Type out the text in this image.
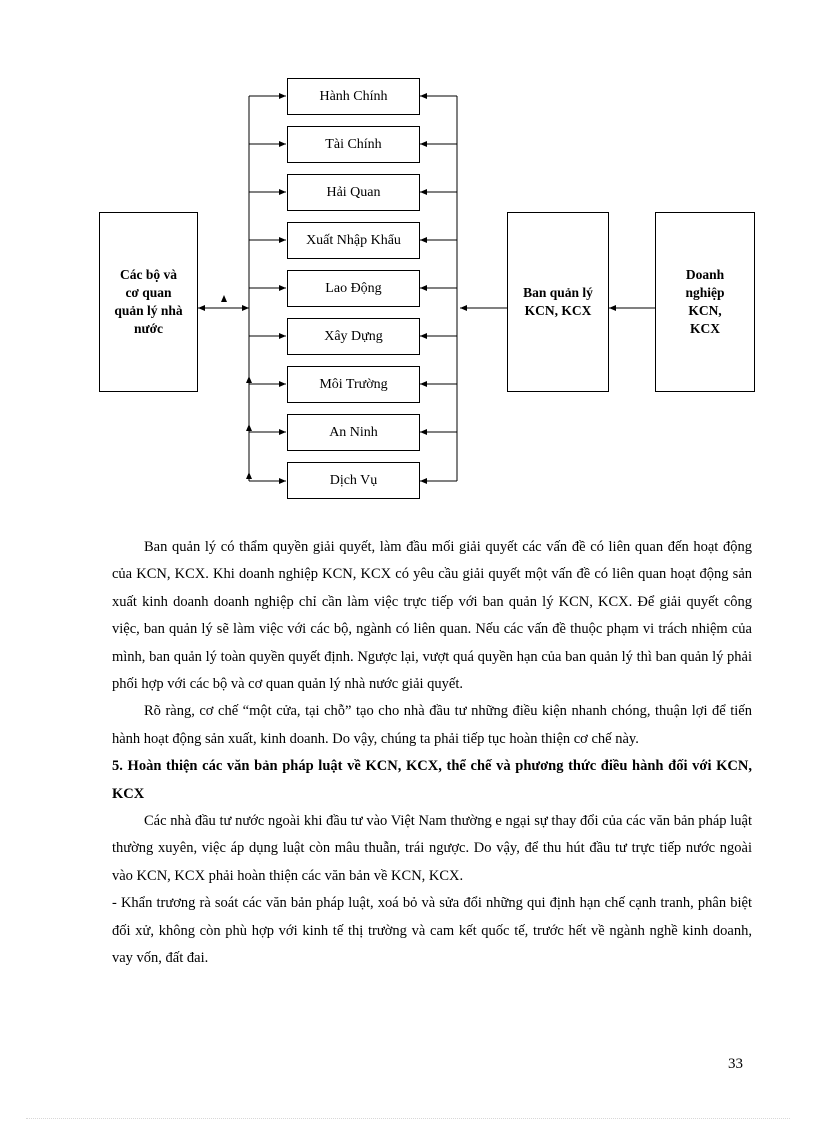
Các bộ và cơ quan quản lý nhà nước
Hành Chính
Tài Chính
Hải Quan
Xuất Nhập Khẩu
Lao Động
Xây Dựng
Môi Trường
An Ninh
Dịch Vụ
Ban quản lý KCN, KCX
Doanh nghiệp KCN, KCX

Ban quản lý có thẩm quyền giải quyết, làm đầu mối giải quyết các vấn đề có liên quan đến hoạt động của KCN, KCX. Khi doanh nghiệp KCN, KCX có yêu cầu giải quyết một vấn đề có liên quan hoạt động sản xuất kinh doanh doanh nghiệp chỉ cần làm việc trực tiếp với ban quản lý KCN, KCX. Để giải quyết công việc, ban quản lý sẽ làm việc với các bộ, ngành có liên quan. Nếu các vấn đề thuộc phạm vi trách nhiệm của mình, ban quản lý toàn quyền quyết định. Ngược lại, vượt quá quyền hạn của ban quản lý thì ban quản lý phải phối hợp với các bộ và cơ quan quản lý nhà nước giải quyết.

Rõ ràng, cơ chế “một cửa, tại chỗ” tạo cho nhà đầu tư những điều kiện nhanh chóng, thuận lợi để tiến hành hoạt động sản xuất, kinh doanh. Do vậy, chúng ta phải tiếp tục hoàn thiện cơ chế này.

5. Hoàn thiện các văn bản pháp luật về KCN, KCX, thể chế và phương thức điều hành đối với KCN, KCX

Các nhà đầu tư nước ngoài khi đầu tư vào Việt Nam thường e ngại sự thay đổi của các văn bản pháp luật thường xuyên, việc áp dụng luật còn mâu thuẫn, trái ngược. Do vậy, để thu hút đầu tư trực tiếp nước ngoài vào KCN, KCX phải hoàn thiện các văn bản về KCN, KCX.

- Khẩn trương rà soát các văn bản pháp luật, xoá bỏ và sửa đổi những qui định hạn chế cạnh tranh, phân biệt đối xử, không còn phù hợp với kinh tế thị trường và cam kết quốc tế, trước hết về ngành nghề kinh doanh, vay vốn, đất đai.

33
